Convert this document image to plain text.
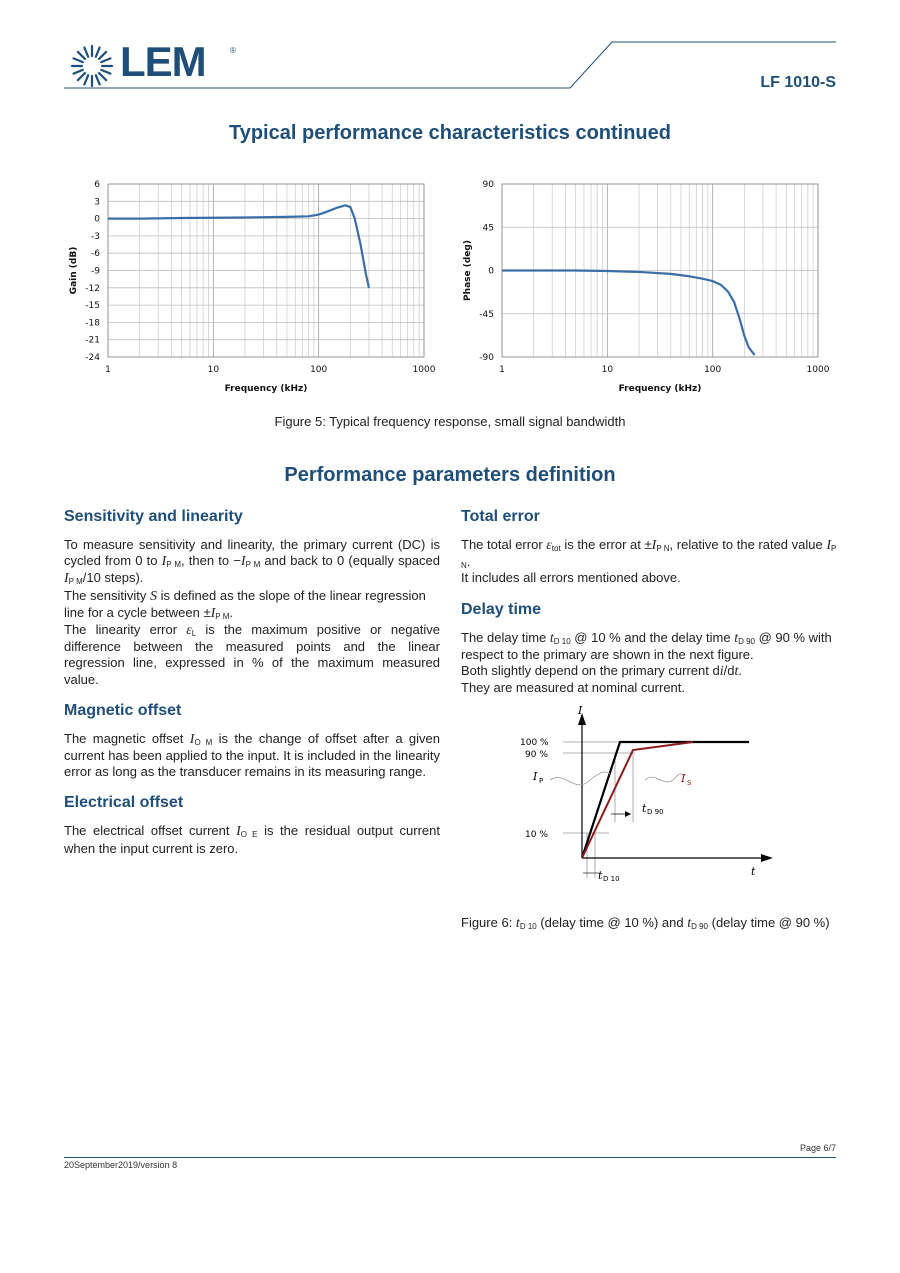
LEM	®
LF 1010-S
Typical performance characteristics continued
6
3
0
-3
-6
-9
-12
-15
-18
-21
-24
1	10	100	1000
Frequency (kHz)
Gain (dB)
90
45
0
-45
-90
1	10	100	1000
Frequency (kHz)
Phase (deg)
Figure 5: Typical frequency response, small signal bandwidth
Performance parameters definition
Sensitivity and linearity

To measure sensitivity and linearity, the primary current (DC) is cycled from 0 to $I_{P M}$, then to $-I_{P M}$ and back to 0 (equally spaced $I_{P M}/10$ steps).

The sensitivity S is defined as the slope of the linear regression line for a cycle between $\pm I_{P M}$.

The linearity error $\varepsilon_L$ is the maximum positive or negative difference between the measured points and the linear regression line, expressed in % of the maximum measured value.

Magnetic offset

The magnetic offset $I_{O M}$ is the change of offset after a given current has been applied to the input. It is included in the linearity error as long as the transducer remains in its measuring range.

Electrical offset

The electrical offset current $I_{O E}$ is the residual output current when the input current is zero.

Total error

The total error $\varepsilon_{tot}$ is the error at $\pm I_{P N}$, relative to the rated value $I_{P N}$.

It includes all errors mentioned above.

Delay time

The delay time $t_{D 10}$ @ 10 % and the delay time $t_{D 90}$ @ 90 % with respect to the primary are shown in the next figure.

Both slightly depend on the primary current di/dt.

They are measured at nominal current.

100 %
90 %
10 %
I
t
I
t
t
I
P
D 90
D 10
S
Figure 6: $t_{D 10}$ (delay time @ 10 %) and $t_{D 90}$ (delay time @ 90 %)
Page 6/7
20September2019/version 8
